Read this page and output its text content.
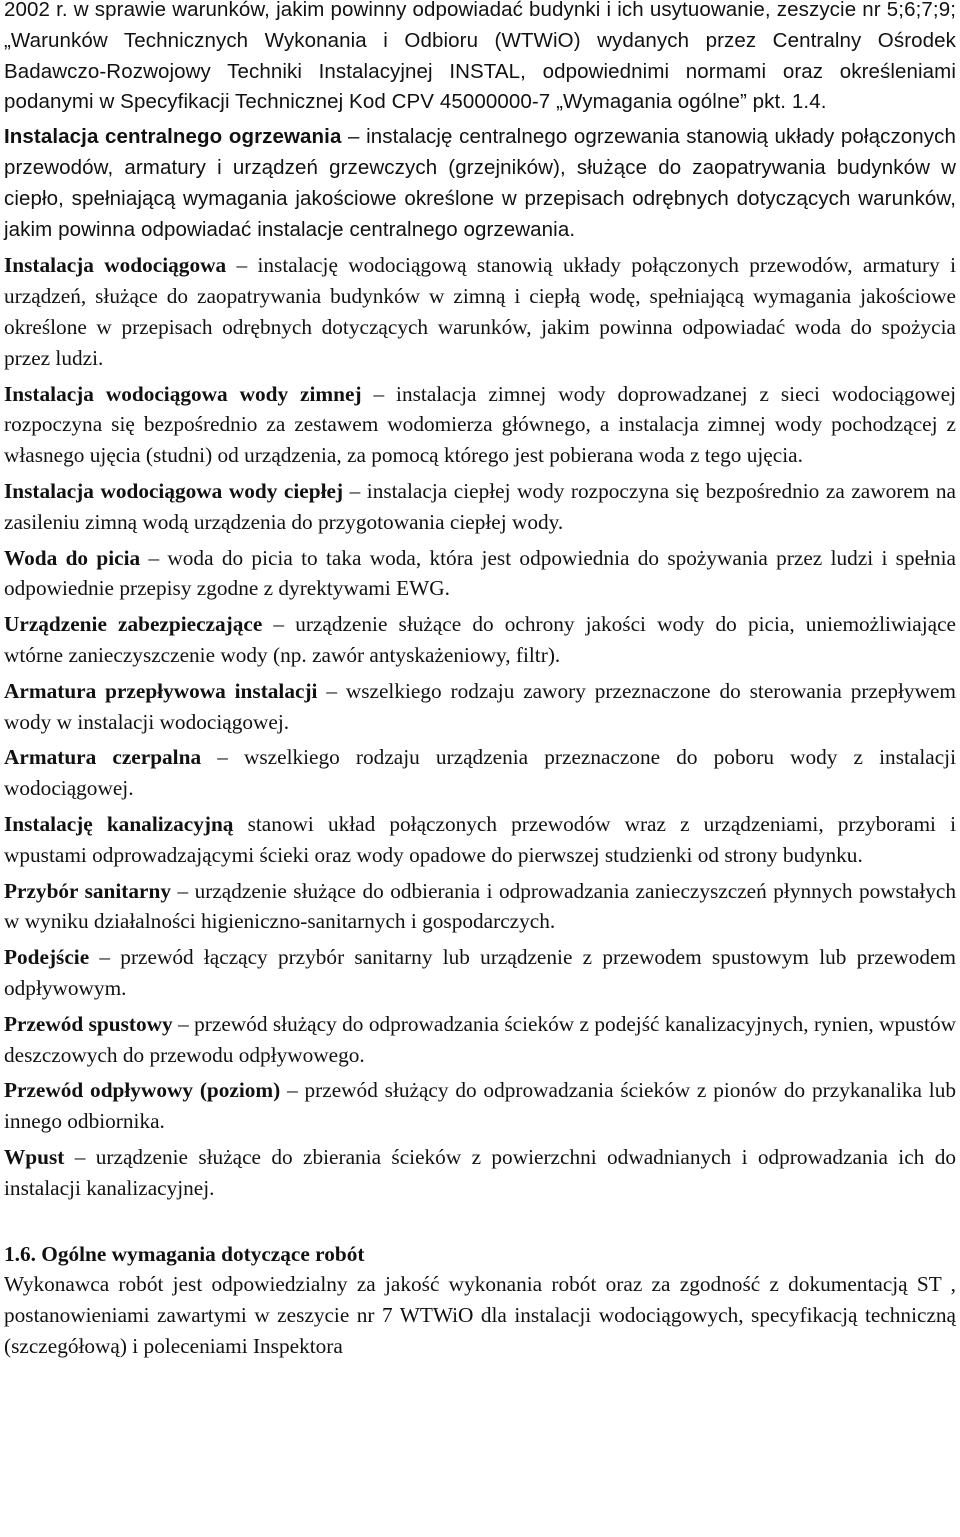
2002 r. w sprawie warunków, jakim powinny odpowiadać budynki i ich usytuowanie, zeszycie nr 5;6;7;9; „Warunków Technicznych Wykonania i Odbioru (WTWiO) wydanych przez Centralny Ośrodek Badawczo-Rozwojowy Techniki Instalacyjnej INSTAL, odpowiednimi normami oraz określeniami podanymi w Specyfikacji Technicznej Kod CPV 45000000-7 „Wymagania ogólne” pkt. 1.4.

Instalacja centralnego ogrzewania – instalację centralnego ogrzewania stanowią układy połączonych przewodów, armatury i urządzeń grzewczych (grzejników), służące do zaopatrywania budynków w ciepło, spełniającą wymagania jakościowe określone w przepisach odrębnych dotyczących warunków, jakim powinna odpowiadać instalacje centralnego ogrzewania.

Instalacja wodociągowa – instalację wodociągową stanowią układy połączonych przewodów, armatury i urządzeń, służące do zaopatrywania budynków w zimną i ciepłą wodę, spełniającą wymagania jakościowe określone w przepisach odrębnych dotyczących warunków, jakim powinna odpowiadać woda do spożycia przez ludzi.

Instalacja wodociągowa wody zimnej – instalacja zimnej wody doprowadzanej z sieci wodociągowej rozpoczyna się bezpośrednio za zestawem wodomierza głównego, a instalacja zimnej wody pochodzącej z własnego ujęcia (studni) od urządzenia, za pomocą którego jest pobierana woda z tego ujęcia.

Instalacja wodociągowa wody ciepłej – instalacja ciepłej wody rozpoczyna się bezpośrednio za zaworem na zasileniu zimną wodą urządzenia do przygotowania ciepłej wody.

Woda do picia – woda do picia to taka woda, która jest odpowiednia do spożywania przez ludzi i spełnia odpowiednie przepisy zgodne z dyrektywami EWG.

Urządzenie zabezpieczające – urządzenie służące do ochrony jakości wody do picia, uniemożliwiające wtórne zanieczyszczenie wody (np. zawór antyskażeniowy, filtr).

Armatura przepływowa instalacji – wszelkiego rodzaju zawory przeznaczone do sterowania przepływem wody w instalacji wodociągowej.

Armatura czerpalna – wszelkiego rodzaju urządzenia przeznaczone do poboru wody z instalacji wodociągowej.

Instalację kanalizacyjną stanowi układ połączonych przewodów wraz z urządzeniami, przyborami i wpustami odprowadzającymi ścieki oraz wody opadowe do pierwszej studzienki od strony budynku.

Przybór sanitarny – urządzenie służące do odbierania i odprowadzania zanieczyszczeń płynnych powstałych w wyniku działalności higieniczno-sanitarnych i gospodarczych.

Podejście – przewód łączący przybór sanitarny lub urządzenie z przewodem spustowym lub przewodem odpływowym.

Przewód spustowy – przewód służący do odprowadzania ścieków z podejść kanalizacyjnych, rynien, wpustów deszczowych do przewodu odpływowego.

Przewód odpływowy (poziom) – przewód służący do odprowadzania ścieków z pionów do przykanalika lub innego odbiornika.

Wpust – urządzenie służące do zbierania ścieków z powierzchni odwadnianych i odprowadzania ich do instalacji kanalizacyjnej.

1.6. Ogólne wymagania dotyczące robót

Wykonawca robót jest odpowiedzialny za jakość wykonania robót oraz za zgodność z dokumentacją ST , postanowieniami zawartymi w zeszycie nr 7 WTWiO dla instalacji wodociągowych, specyfikacją techniczną (szczegółową) i poleceniami Inspektora
